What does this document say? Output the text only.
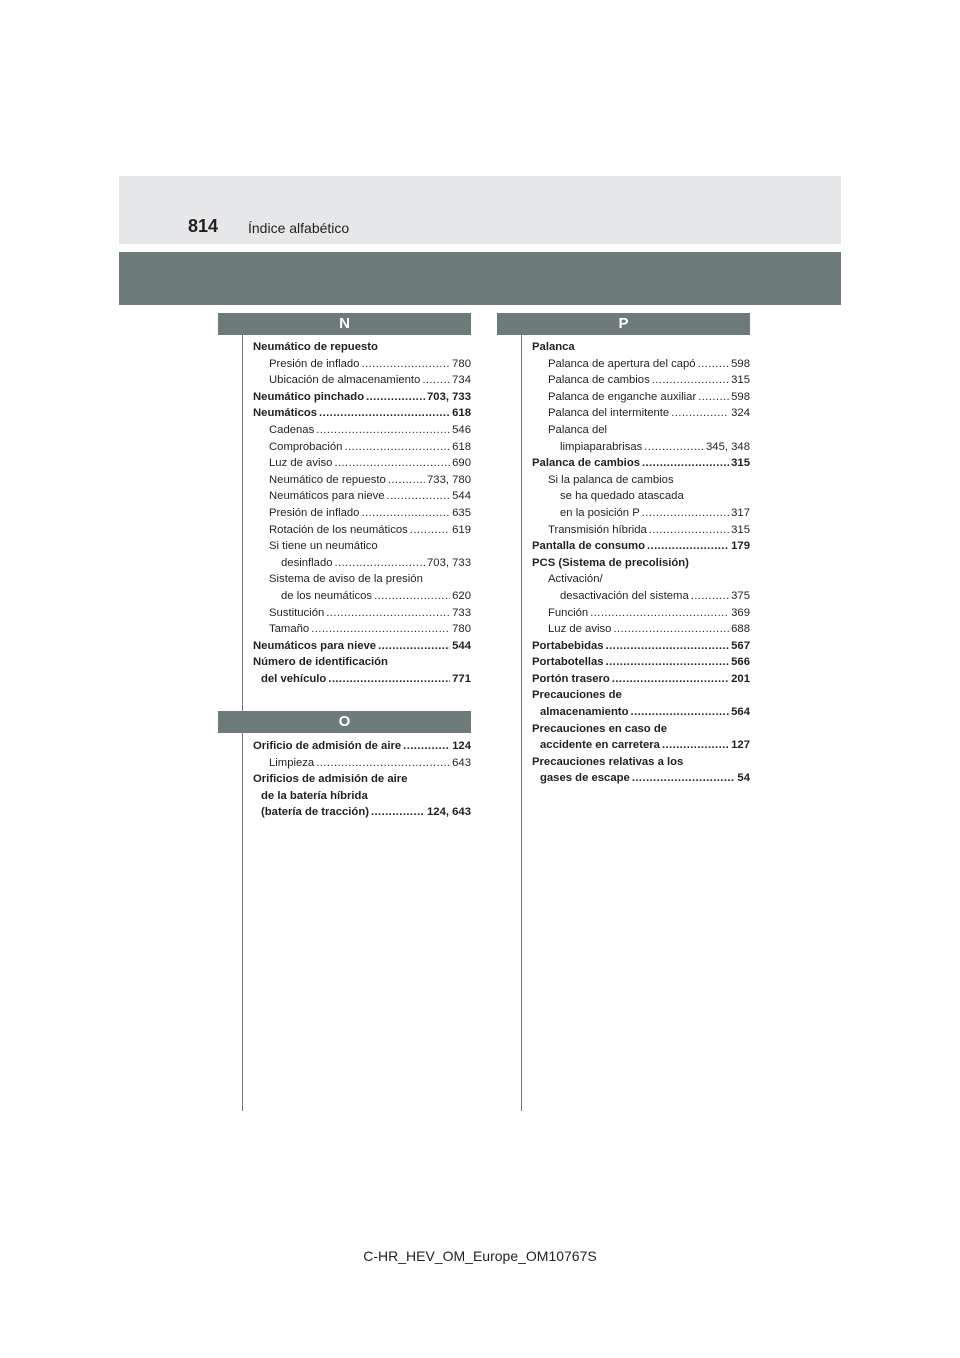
814 Índice alfabético
N
Neumático de repuesto
Presión de inflado .....	780
Ubicación de almacenamiento .....	734
Neumático pinchado .....	703, 733
Neumáticos .....	618
Cadenas .....	546
Comprobación .....	618
Luz de aviso .....	690
Neumático de repuesto .....	733, 780
Neumáticos para nieve .....	544
Presión de inflado .....	635
Rotación de los neumáticos .....	619
Si tiene un neumático
desinflado .....	703, 733
Sistema de aviso de la presión
de los neumáticos .....	620
Sustitución .....	733
Tamaño .....	780
Neumáticos para nieve .....	544
Número de identificación
del vehículo .....	771
O
Orificio de admisión de aire .....	124
Limpieza .....	643
Orificios de admisión de aire
de la batería híbrida
(batería de tracción) .....	124, 643
P
Palanca
Palanca de apertura del capó .....	598
Palanca de cambios .....	315
Palanca de enganche auxiliar .....	598
Palanca del intermitente .....	324
Palanca del
limpiaparabrisas .....	345, 348
Palanca de cambios .....	315
Si la palanca de cambios
se ha quedado atascada
en la posición P .....	317
Transmisión híbrida .....	315
Pantalla de consumo .....	179
PCS (Sistema de precolisión)
Activación/
desactivación del sistema .....	375
Función .....	369
Luz de aviso .....	688
Portabebidas .....	567
Portabotellas .....	566
Portón trasero .....	201
Precauciones de
almacenamiento .....	564
Precauciones en caso de
accidente en carretera .....	127
Precauciones relativas a los
gases de escape .....	54
C-HR_HEV_OM_Europe_OM10767S
